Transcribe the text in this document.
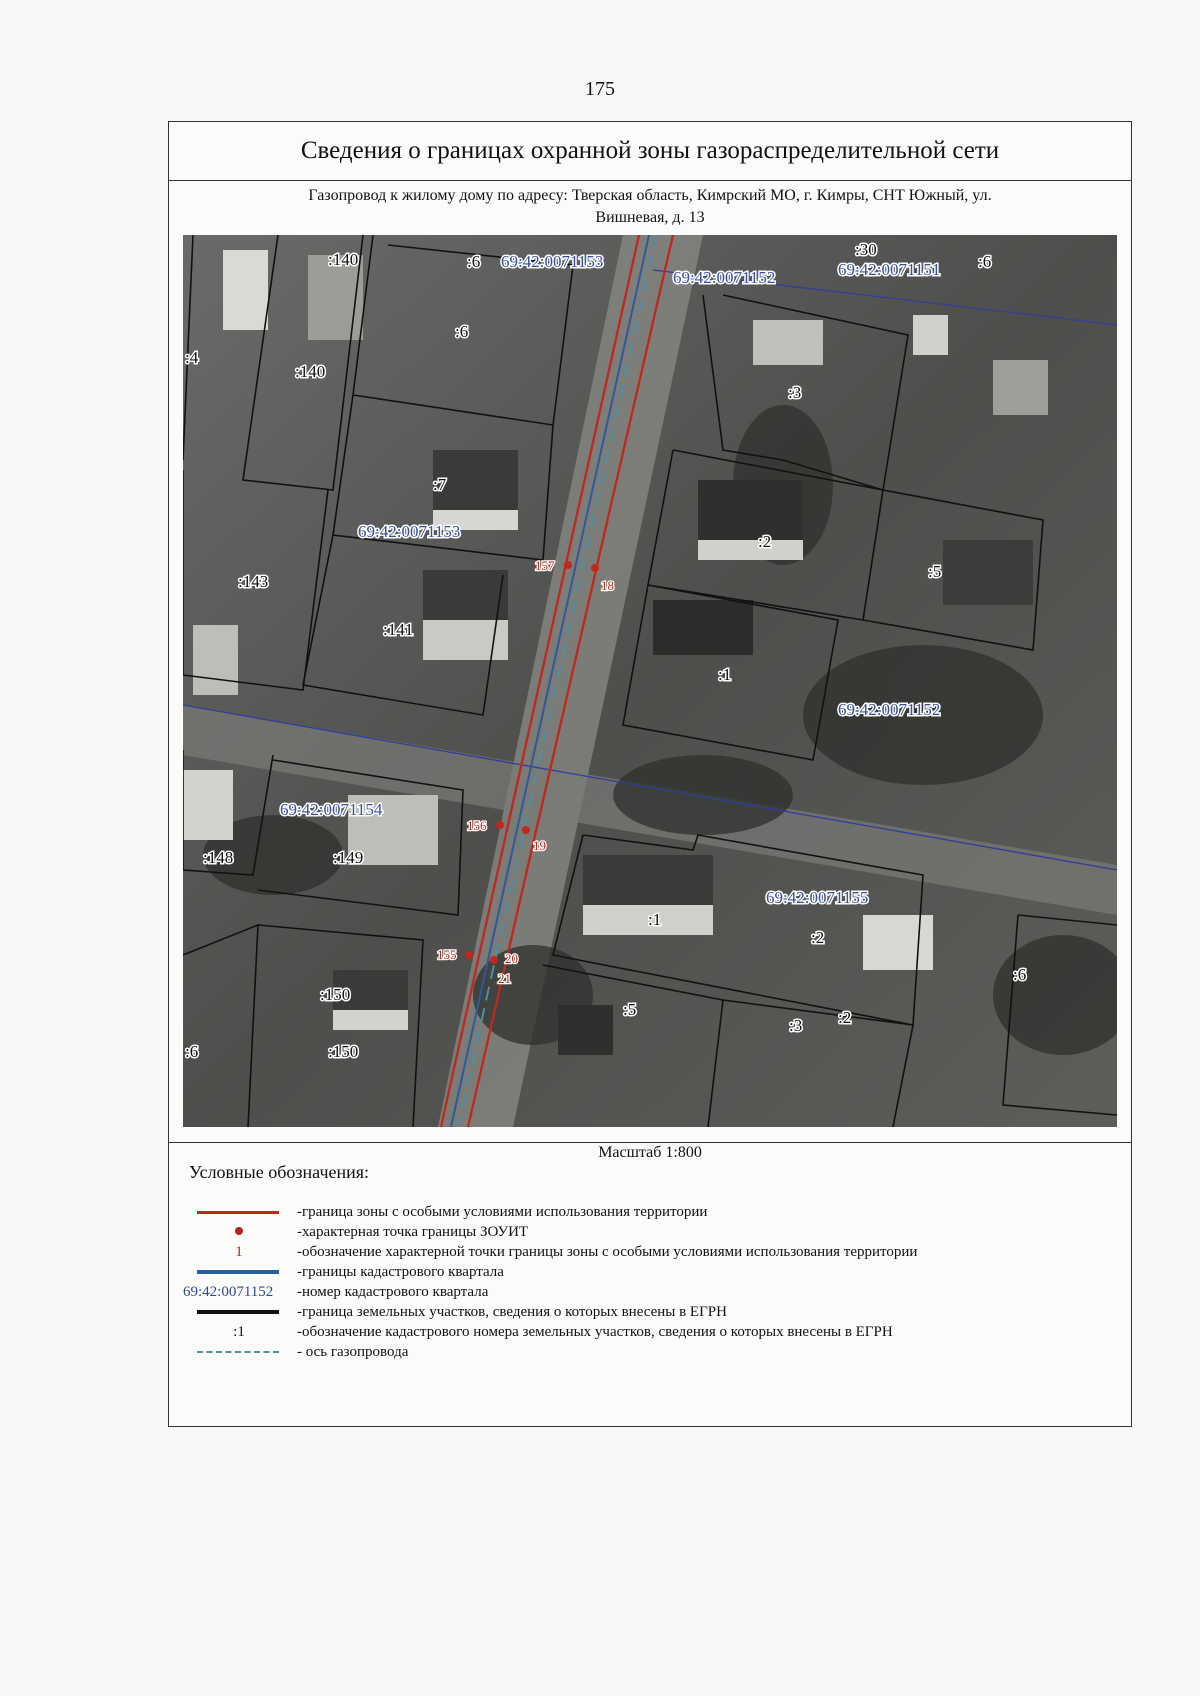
175
Сведения о границах охранной зоны газораспределительной сети
Газопровод к жилому дому по адресу: Тверская область, Кимрский МО, г. Кимры, СНТ Южный, ул.
Вишневая, д. 13
157
18
156
19
155	20
21
69:42:0071153
69:42:0071152	69:42:0071151
69:42:0071153
69:42:0071152
69:42:0071154
69:42:0071155
:140	:6
:30
:6
:6
:4
:140
:3
:7
:2
:143
:5
:141
:1
:148	:149
:1
:2
:150
:5
:3 :2
:6
:150
:6
Масштаб 1:800
Условные обозначения:
-граница зоны с особыми условиями использования территории
-характерная точка границы ЗОУИТ
1	-обозначение характерной точки границы зоны с особыми условиями использования территории
-границы кадастрового квартала
69:42:0071152	-номер кадастрового квартала
-граница земельных участков, сведения о которых внесены в ЕГРН
:1	-обозначение кадастрового номера земельных участков, сведения о которых внесены в ЕГРН
- ось газопровода
